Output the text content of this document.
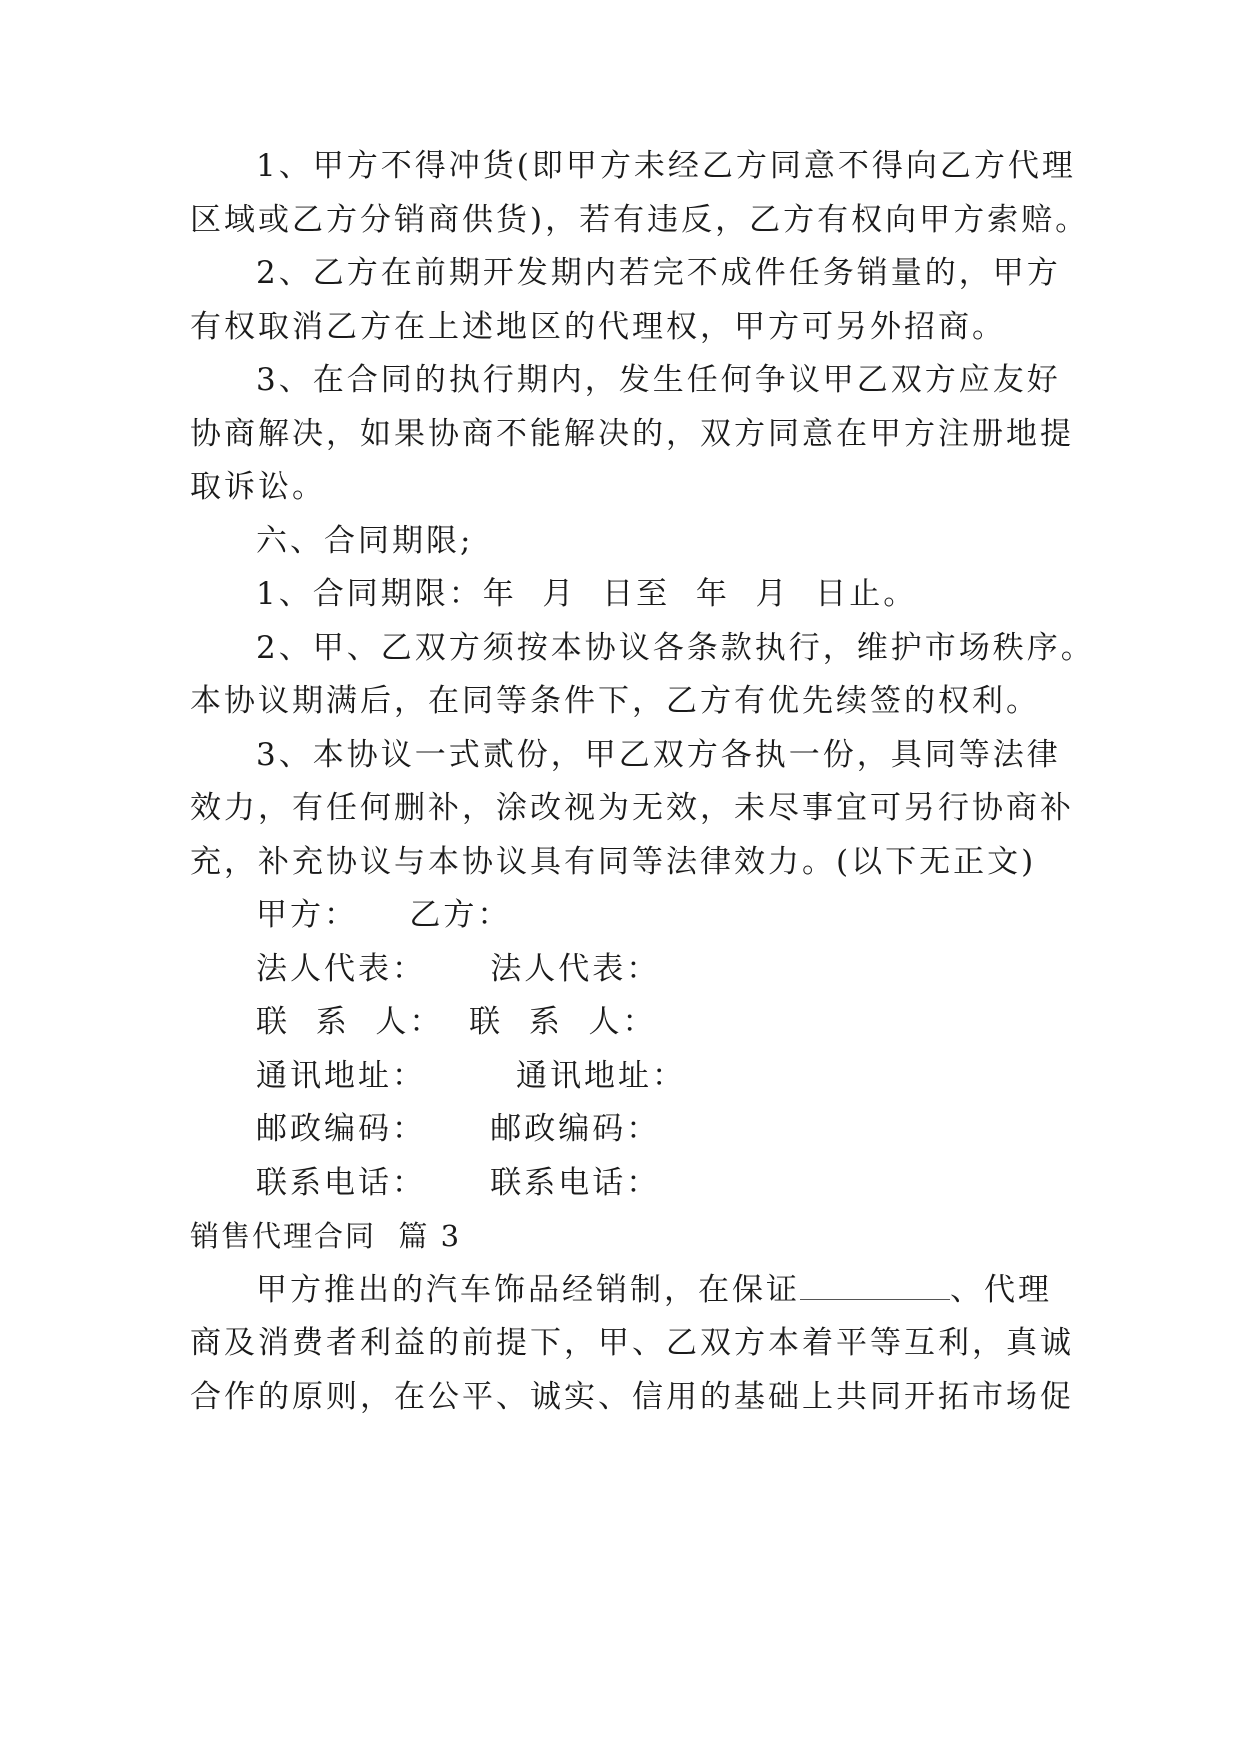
1、甲方不得冲货(即甲方未经乙方同意不得向乙方代理
区域或乙方分销商供货)，若有违反，乙方有权向甲方索赔。
2、乙方在前期开发期内若完不成件任务销量的，甲方
有权取消乙方在上述地区的代理权，甲方可另外招商。
3、在合同的执行期内，发生任何争议甲乙双方应友好
协商解决，如果协商不能解决的，双方同意在甲方注册地提
取诉讼。
六、合同期限;
1、合同期限：年  月  日至  年  月  日止。
2、甲、乙双方须按本协议各条款执行，维护市场秩序。
本协议期满后，在同等条件下，乙方有优先续签的权利。
3、本协议一式贰份，甲乙双方各执一份，具同等法律
效力，有任何删补，涂改视为无效，未尽事宜可另行协商补
充，补充协议与本协议具有同等法律效力。(以下无正文)
甲方：    乙方：
法人代表：     法人代表：
联  系  人：  联  系  人：
通讯地址：       通讯地址：
邮政编码：     邮政编码：
联系电话：     联系电话：
销售代理合同  篇 3
甲方推出的汽车饰品经销制，在保证	、代理
商及消费者利益的前提下，甲、乙双方本着平等互利，真诚
合作的原则，在公平、诚实、信用的基础上共同开拓市场促
